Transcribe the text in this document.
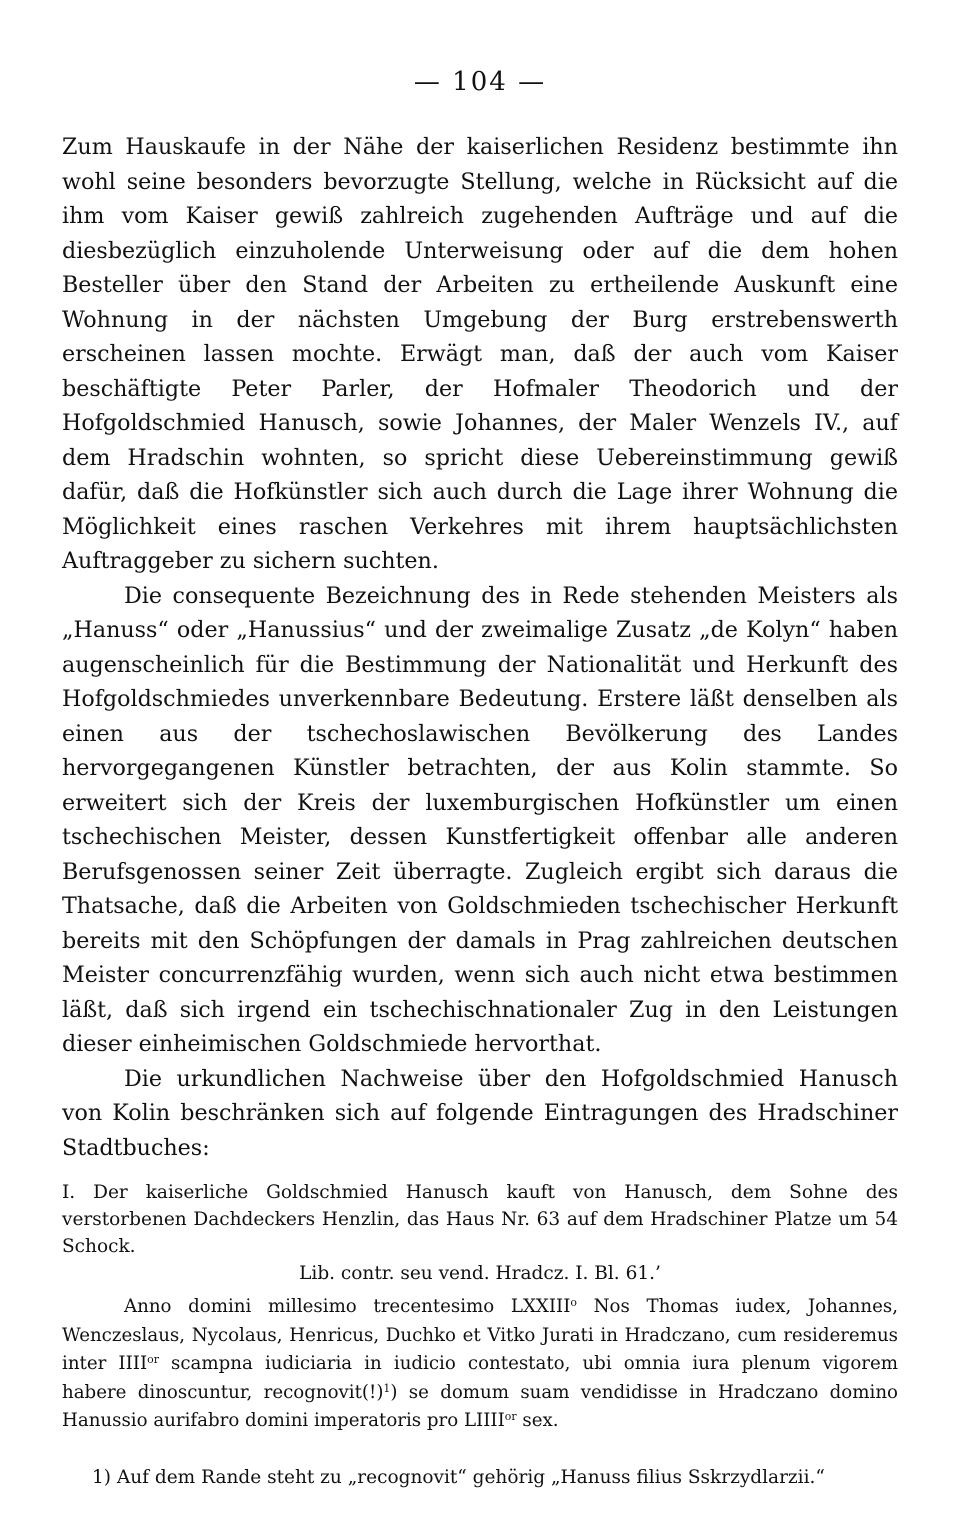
— 104 —

Zum Hauskaufe in der Nähe der kaiserlichen Residenz bestimmte ihn wohl seine besonders bevorzugte Stellung, welche in Rücksicht auf die ihm vom Kaiser gewiß zahlreich zugehenden Aufträge und auf die diesbezüglich einzuholende Unterweisung oder auf die dem hohen Besteller über den Stand der Arbeiten zu ertheilende Auskunft eine Wohnung in der nächsten Umgebung der Burg erstrebenswerth erscheinen lassen mochte. Erwägt man, daß der auch vom Kaiser beschäftigte Peter Parler, der Hofmaler Theodorich und der Hofgoldschmied Hanusch, sowie Johannes, der Maler Wenzels IV., auf dem Hradschin wohnten, so spricht diese Uebereinstimmung gewiß dafür, daß die Hofkünstler sich auch durch die Lage ihrer Wohnung die Möglichkeit eines raschen Verkehres mit ihrem hauptsächlichsten Auftraggeber zu sichern suchten.

Die consequente Bezeichnung des in Rede stehenden Meisters als „Hanuss“ oder „Hanussius“ und der zweimalige Zusatz „de Kolyn“ haben augenscheinlich für die Bestimmung der Nationalität und Herkunft des Hofgoldschmiedes unverkennbare Bedeutung. Erstere läßt denselben als einen aus der tschechoslawischen Bevölkerung des Landes hervorgegangenen Künstler betrachten, der aus Kolin stammte. So erweitert sich der Kreis der luxemburgischen Hofkünstler um einen tschechischen Meister, dessen Kunstfertigkeit offenbar alle anderen Berufsgenossen seiner Zeit überragte. Zugleich ergibt sich daraus die Thatsache, daß die Arbeiten von Goldschmieden tschechischer Herkunft bereits mit den Schöpfungen der damals in Prag zahlreichen deutschen Meister concurrenzfähig wurden, wenn sich auch nicht etwa bestimmen läßt, daß sich irgend ein tschechischnationaler Zug in den Leistungen dieser einheimischen Goldschmiede hervorthat.

Die urkundlichen Nachweise über den Hofgoldschmied Hanusch von Kolin beschränken sich auf folgende Eintragungen des Hradschiner Stadtbuches:

I. Der kaiserliche Goldschmied Hanusch kauft von Hanusch, dem Sohne des verstorbenen Dachdeckers Henzlin, das Haus Nr. 63 auf dem Hradschiner Platze um 54 Schock.
Lib. contr. seu vend. Hradcz. I. Bl. 61.’

Anno domini millesimo trecentesimo LXXIII$^o$ Nos Thomas iudex, Johannes, Wenczeslaus, Nycolaus, Henricus, Duchko et Vitko Jurati in Hradczano, cum resideremus inter $IIII^{or}$ scampna iudiciaria in iudicio contestato, ubi omnia iura plenum vigorem habere dinoscuntur, recognovit(!)$^1$) se domum suam vendidisse in Hradczano domino Hanussio aurifabro domini imperatoris pro $LIIII^{or}$ sex.

1) Auf dem Rande steht zu „recognovit“ gehörig „Hanuss filius Sskrzydlarzii.“
